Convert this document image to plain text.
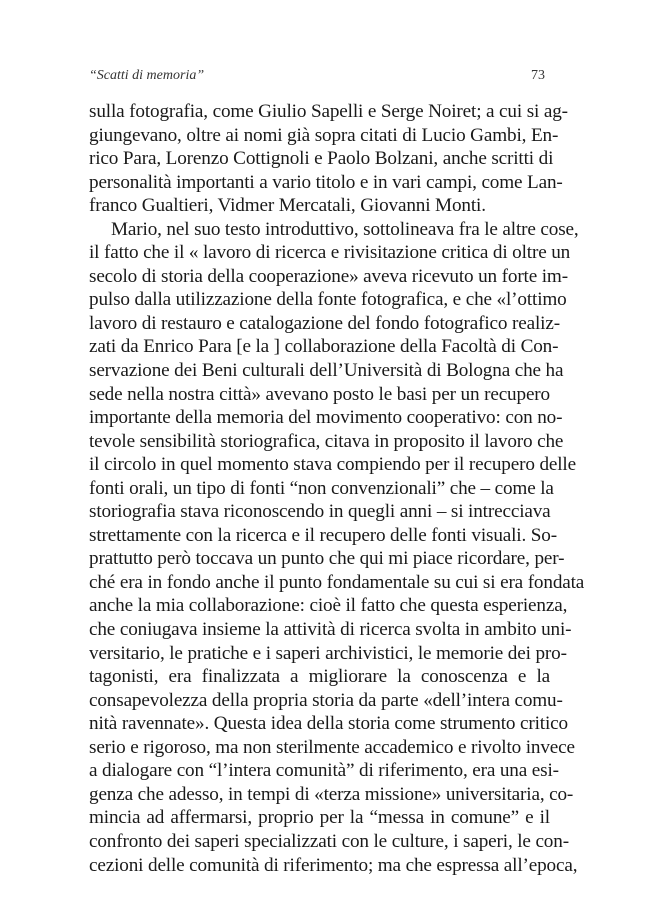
“Scatti di memoria”	73
sulla fotografia, come Giulio Sapelli e Serge Noiret; a cui si ag-
giungevano, oltre ai nomi già sopra citati di Lucio Gambi, En-
rico Para, Lorenzo Cottignoli e Paolo Bolzani, anche scritti di
personalità importanti a vario titolo e in vari campi, come Lan-
franco Gualtieri, Vidmer Mercatali, Giovanni Monti.
Mario, nel suo testo introduttivo, sottolineava fra le altre cose,
il fatto che il « lavoro di ricerca e rivisitazione critica di oltre un
secolo di storia della cooperazione» aveva ricevuto un forte im-
pulso dalla utilizzazione della fonte fotografica, e che «l’ottimo
lavoro di restauro e catalogazione del fondo fotografico realiz-
zati da Enrico Para [e la ] collaborazione della Facoltà di Con-
servazione dei Beni culturali dell’Università di Bologna che ha
sede nella nostra città» avevano posto le basi per un recupero
importante della memoria del movimento cooperativo: con no-
tevole sensibilità storiografica, citava in proposito il lavoro che
il circolo in quel momento stava compiendo per il recupero delle
fonti orali, un tipo di fonti “non convenzionali” che – come la
storiografia stava riconoscendo in quegli anni – si intrecciava
strettamente con la ricerca e il recupero delle fonti visuali. So-
prattutto però toccava un punto che qui mi piace ricordare, per-
ché era in fondo anche il punto fondamentale su cui si era fondata
anche la mia collaborazione: cioè il fatto che questa esperienza,
che coniugava insieme la attività di ricerca svolta in ambito uni-
versitario, le pratiche e i saperi archivistici, le memorie dei pro-
tagonisti, era finalizzata a migliorare la conoscenza e la
consapevolezza della propria storia da parte «dell’intera comu-
nità ravennate». Questa idea della storia come strumento critico
serio e rigoroso, ma non sterilmente accademico e rivolto invece
a dialogare con “l’intera comunità” di riferimento, era una esi-
genza che adesso, in tempi di «terza missione» universitaria, co-
mincia ad affermarsi, proprio per la “messa in comune” e il
confronto dei saperi specializzati con le culture, i saperi, le con-
cezioni delle comunità di riferimento; ma che espressa all’epoca,
